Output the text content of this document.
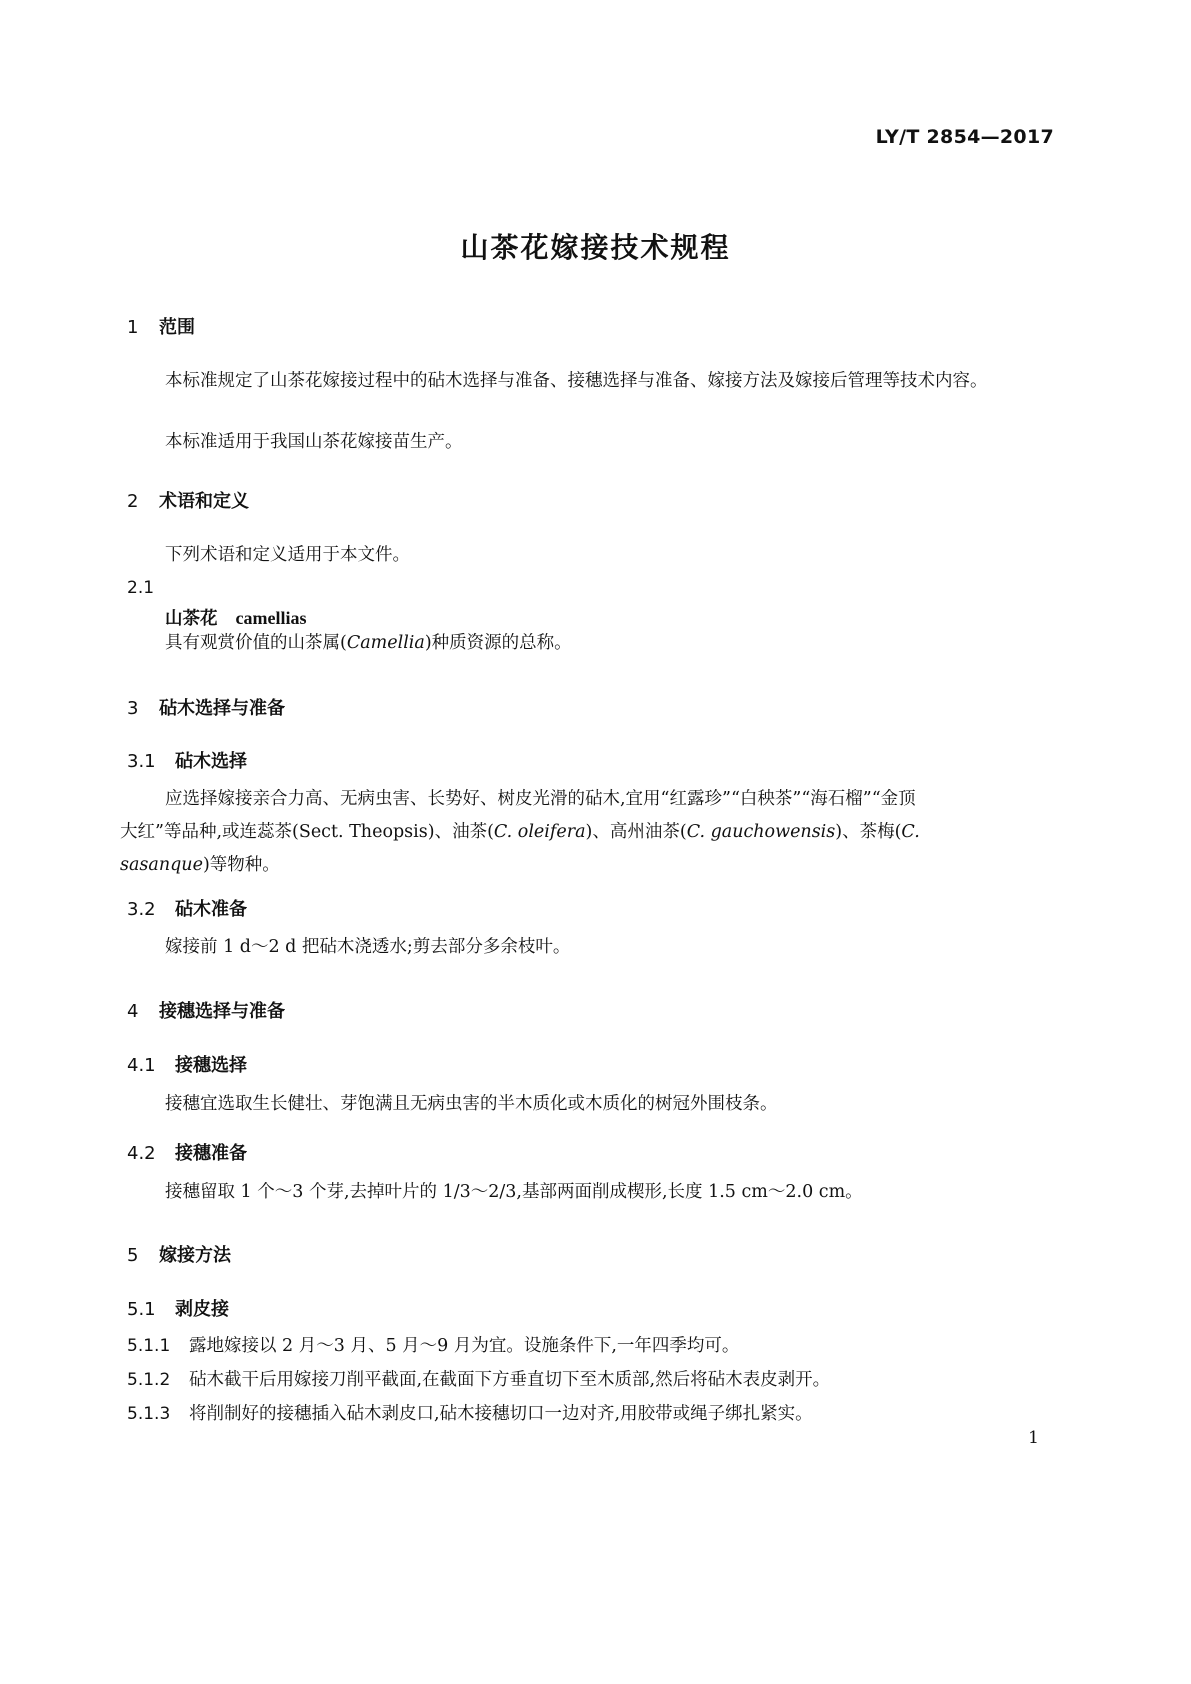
LY/T 2854—2017
山茶花嫁接技术规程
1 范围
本标准规定了山茶花嫁接过程中的砧木选择与准备、接穗选择与准备、嫁接方法及嫁接后管理等技术内容。
本标准适用于我国山茶花嫁接苗生产。
2 术语和定义
下列术语和定义适用于本文件。
2.1
山茶花 camellias
具有观赏价值的山茶属(Camellia)种质资源的总称。
3 砧木选择与准备
3.1 砧木选择
应选择嫁接亲合力高、无病虫害、长势好、树皮光滑的砧木,宜用“红露珍”“白秧茶”“海石榴”“金顶
大红”等品种,或连蕊茶(Sect. Theopsis)、油茶(C. oleifera)、高州油茶(C. gauchowensis)、茶梅(C.
sasanque)等物种。
3.2 砧木准备
嫁接前 1 d～2 d 把砧木浇透水;剪去部分多余枝叶。
4 接穗选择与准备
4.1 接穗选择
接穗宜选取生长健壮、芽饱满且无病虫害的半木质化或木质化的树冠外围枝条。
4.2 接穗准备
接穗留取 1 个～3 个芽,去掉叶片的 1/3～2/3,基部两面削成楔形,长度 1.5 cm～2.0 cm。
5 嫁接方法
5.1 剥皮接
5.1.1 露地嫁接以 2 月～3 月、5 月～9 月为宜。设施条件下,一年四季均可。
5.1.2 砧木截干后用嫁接刀削平截面,在截面下方垂直切下至木质部,然后将砧木表皮剥开。
5.1.3 将削制好的接穗插入砧木剥皮口,砧木接穗切口一边对齐,用胶带或绳子绑扎紧实。
1
